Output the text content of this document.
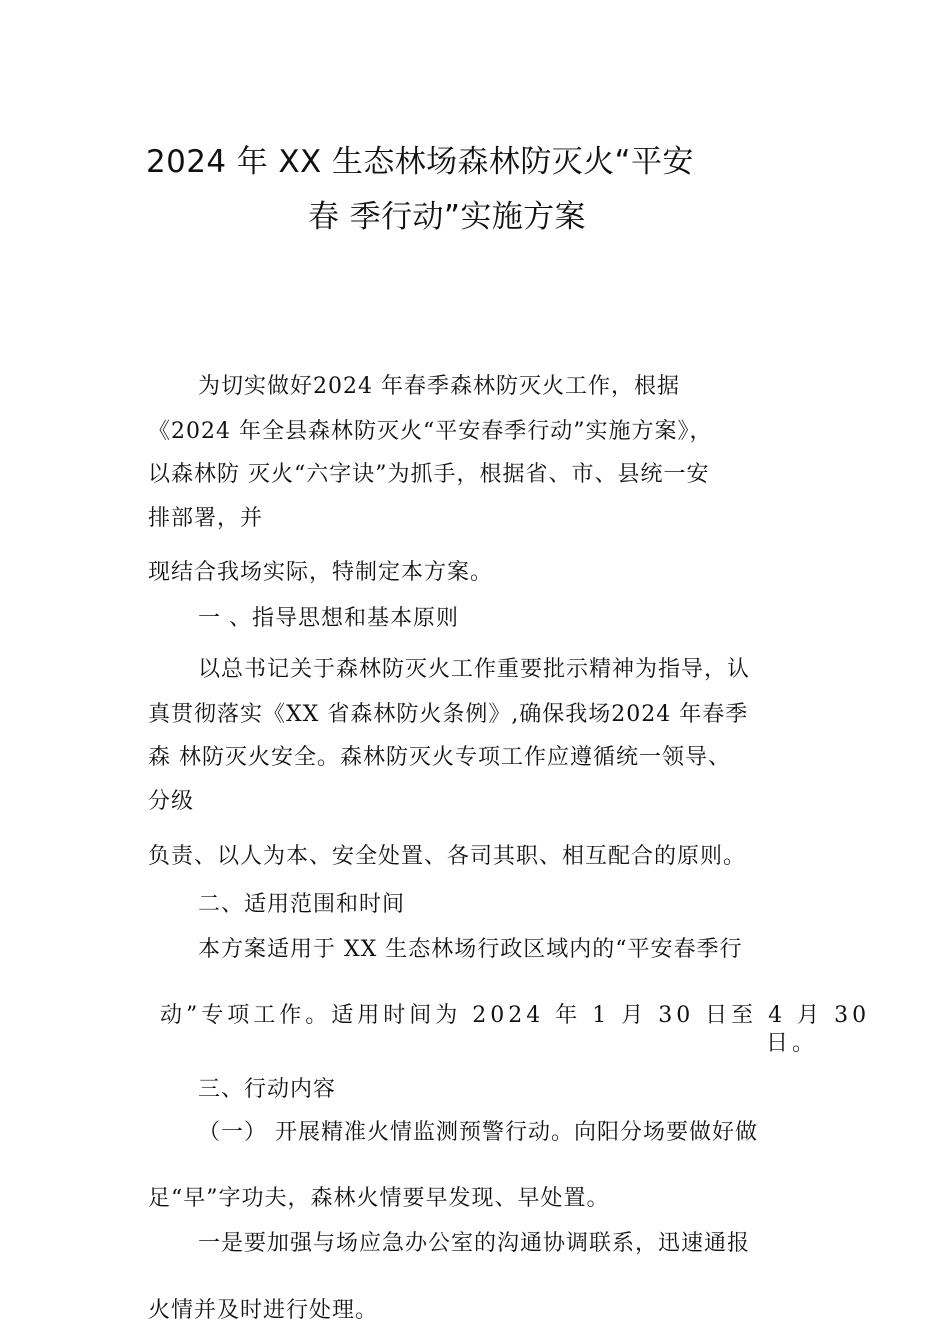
2024 年 XX 生态林场森林防灭火“平安
春 季行动”实施方案
为切实做好2024 年春季森林防灭火工作，根据
《2024 年全县森林防灭火“平安春季行动”实施方案》，
以森林防 灭火“六字诀”为抓手，根据省、市、县统一安
排部署，并
现结合我场实际，特制定本方案。
一 、指导思想和基本原则
以总书记关于森林防灭火工作重要批示精神为指导，认
真贯彻落实《XX 省森林防火条例》,确保我场2024 年春季
森 林防灭火安全。森林防灭火专项工作应遵循统一领导、
分级
负责、以人为本、安全处置、各司其职、相互配合的原则。
二、适用范围和时间
本方案适用于 XX 生态林场行政区域内的“平安春季行
动”专项工作。适用时间为 2024 年 1 月 30 日至 4 月 30
日。
三、行动内容
（一） 开展精准火情监测预警行动。向阳分场要做好做
足“早”字功夫，森林火情要早发现、早处置。
一是要加强与场应急办公室的沟通协调联系，迅速通报
火情并及时进行处理。
